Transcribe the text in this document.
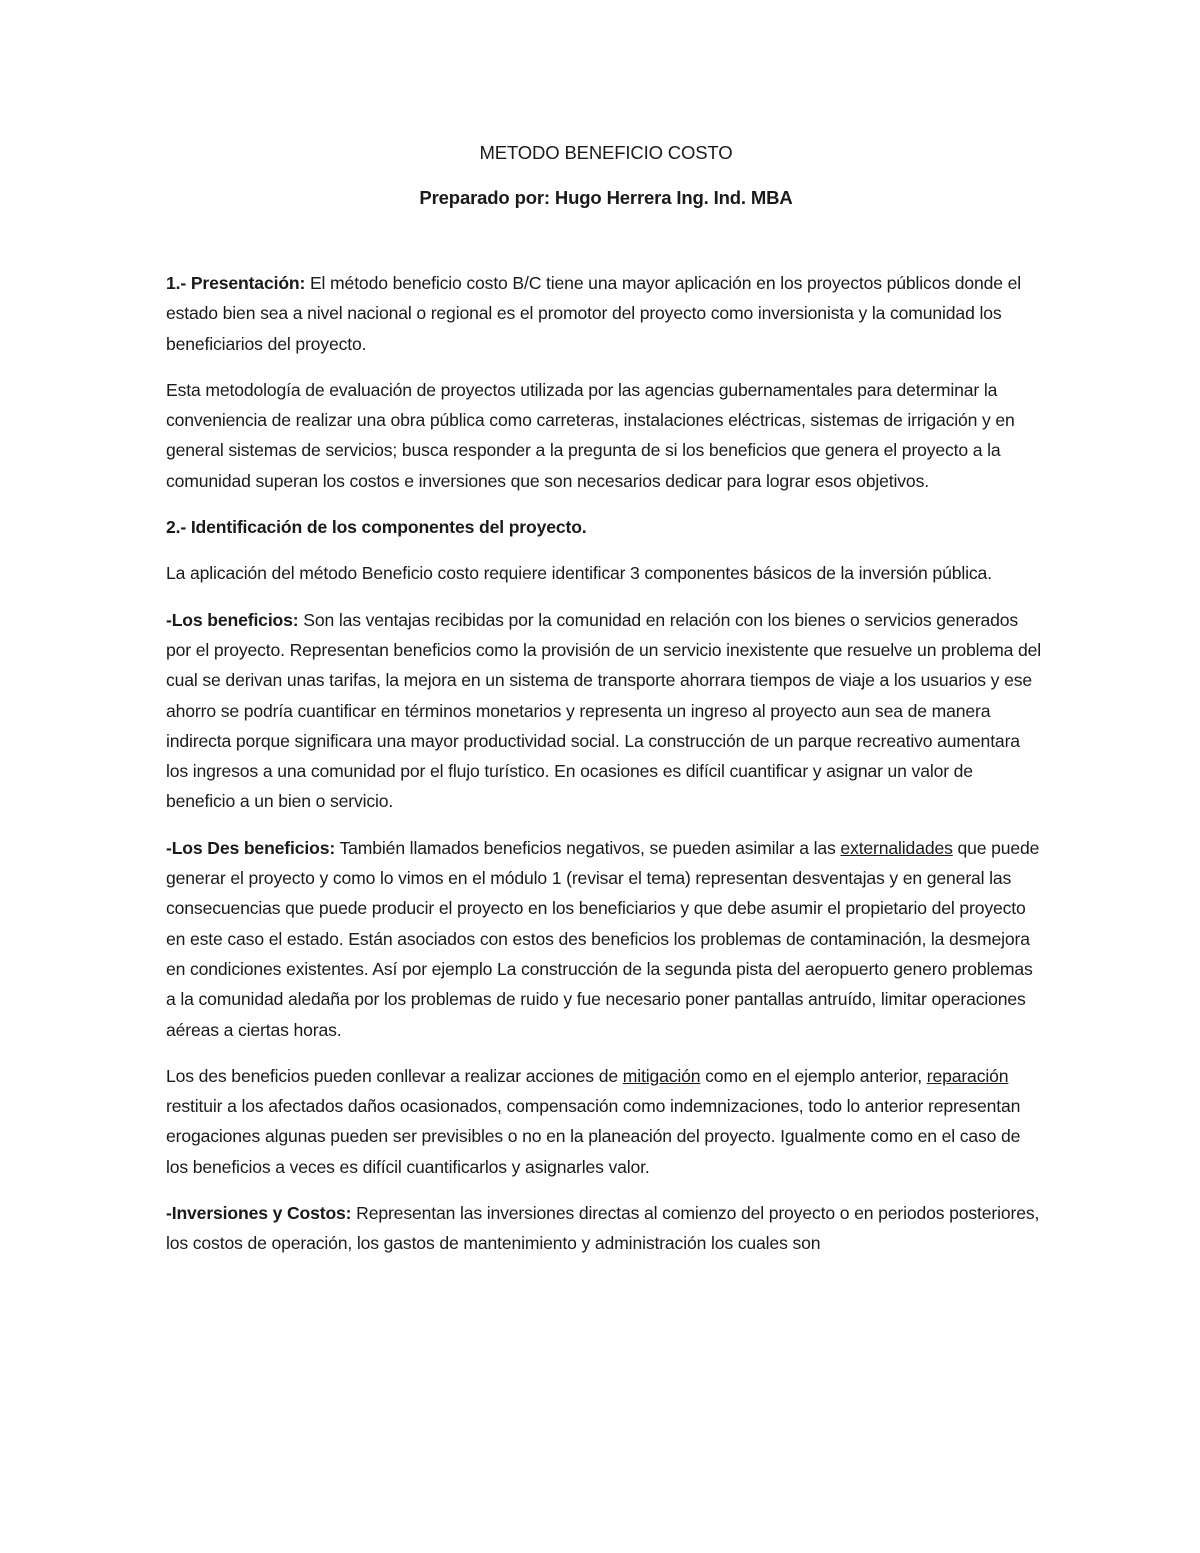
METODO BENEFICIO COSTO
Preparado por: Hugo Herrera Ing. Ind. MBA

1.- Presentación: El método beneficio costo B/C tiene una mayor aplicación en los proyectos públicos donde el estado bien sea a nivel nacional o regional es el promotor del proyecto como inversionista y la comunidad los beneficiarios del proyecto.

Esta metodología de evaluación de proyectos utilizada por las agencias gubernamentales para determinar la conveniencia de realizar una obra pública como carreteras, instalaciones eléctricas, sistemas de irrigación y en general sistemas de servicios; busca responder a la pregunta de si los beneficios que genera el proyecto a la comunidad superan los costos e inversiones que son necesarios dedicar para lograr esos objetivos.

2.- Identificación de los componentes del proyecto.

La aplicación del método Beneficio costo requiere identificar 3 componentes básicos de la inversión pública.

-Los beneficios: Son las ventajas recibidas por la comunidad en relación con los bienes o servicios generados por el proyecto. Representan beneficios como la provisión de un servicio inexistente que resuelve un problema del cual se derivan unas tarifas, la mejora en un sistema de transporte ahorrara tiempos de viaje a los usuarios y ese ahorro se podría cuantificar en términos monetarios y representa un ingreso al proyecto aun sea de manera indirecta porque significara una mayor productividad social. La construcción de un parque recreativo aumentara los ingresos a una comunidad por el flujo turístico. En ocasiones es difícil cuantificar y asignar un valor de beneficio a un bien o servicio.

-Los Des beneficios: También llamados beneficios negativos, se pueden asimilar a las externalidades que puede generar el proyecto y como lo vimos en el módulo 1 (revisar el tema) representan desventajas y en general las consecuencias que puede producir el proyecto en los beneficiarios y que debe asumir el propietario del proyecto en este caso el estado. Están asociados con estos des beneficios los problemas de contaminación, la desmejora en condiciones existentes. Así por ejemplo La construcción de la segunda pista del aeropuerto genero problemas a la comunidad aledaña por los problemas de ruido y fue necesario poner pantallas antruído, limitar operaciones aéreas a ciertas horas.

Los des beneficios pueden conllevar a realizar acciones de mitigación como en el ejemplo anterior, reparación restituir a los afectados daños ocasionados, compensación como indemnizaciones, todo lo anterior representan erogaciones algunas pueden ser previsibles o no en la planeación del proyecto. Igualmente como en el caso de los beneficios a veces es difícil cuantificarlos y asignarles valor.

-Inversiones y Costos: Representan las inversiones directas al comienzo del proyecto o en periodos posteriores, los costos de operación, los gastos de mantenimiento y administración los cuales son
